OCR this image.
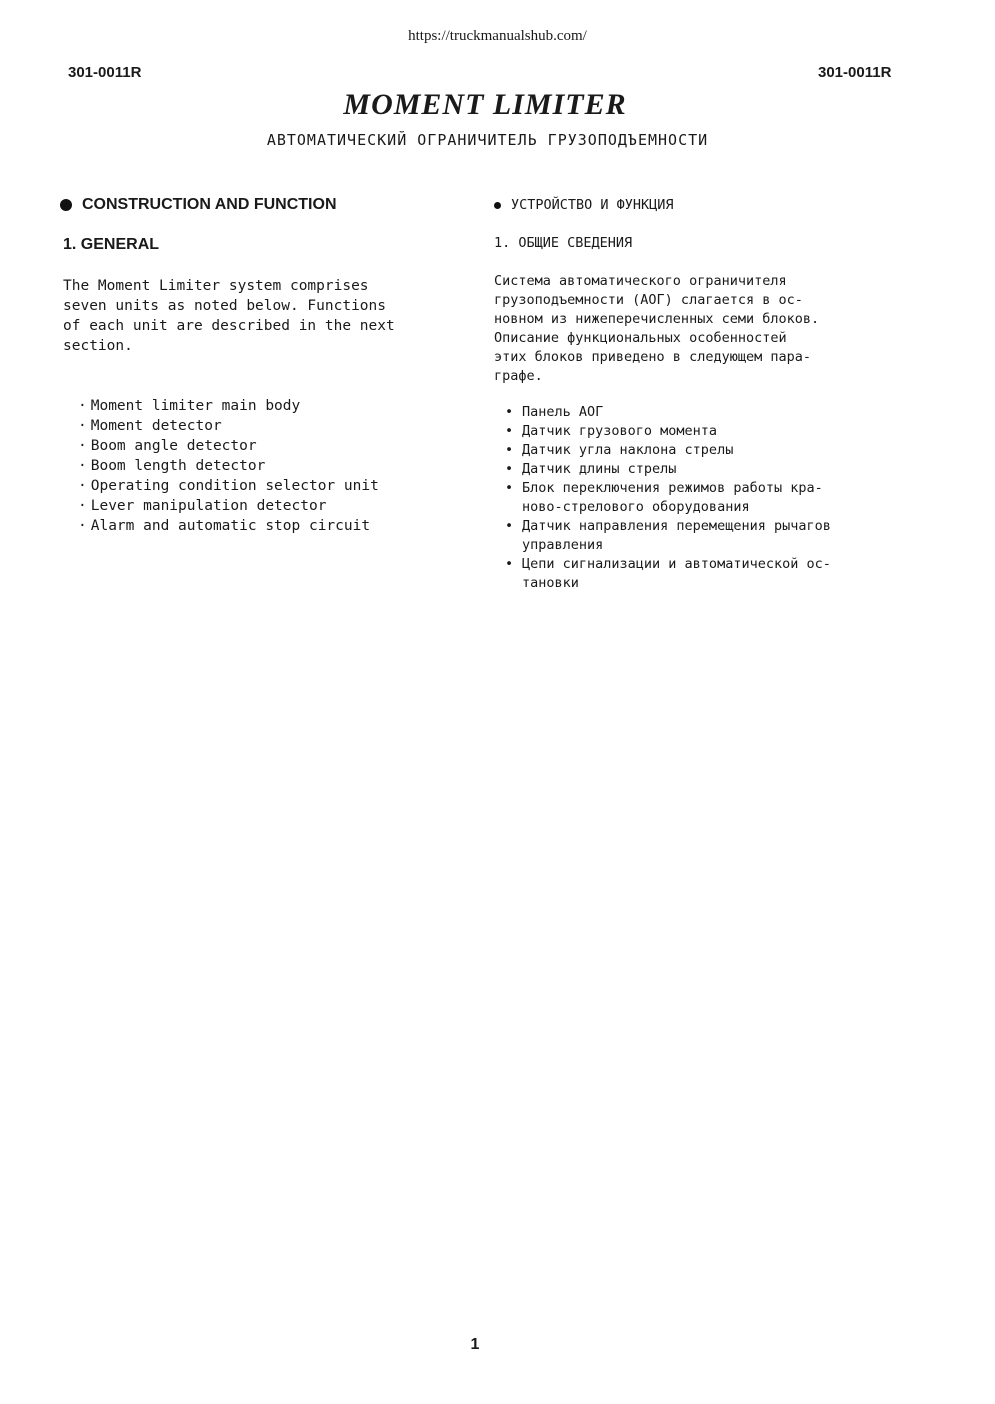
https://truckmanualshub.com/
301-0011R	301-0011R
MOMENT LIMITER
АВТОМАТИЧЕСКИЙ ОГРАНИЧИТЕЛЬ ГРУЗОПОДЪЕМНОСТИ
CONSTRUCTION AND FUNCTION
1. GENERAL
The Moment Limiter system comprises
seven units as noted below. Functions
of each unit are described in the next
section.
· Moment limiter main body
· Moment detector
· Boom angle detector
· Boom length detector
· Operating condition selector unit
· Lever manipulation detector
· Alarm and automatic stop circuit
УСТРОЙСТВО И ФУНКЦИЯ
1. ОБЩИЕ СВЕДЕНИЯ
Система автоматического ограничителя
грузоподъемности (АОГ) слагается в ос-
новном из нижеперечисленных семи блоков.
Описание функциональных особенностей
этих блоков приведено в следующем пара-
графе.
• Панель АОГ
• Датчик грузового момента
• Датчик угла наклона стрелы
• Датчик длины стрелы
• Блок переключения режимов работы кра-
ново-стрелового оборудования
• Датчик направления перемещения рычагов
управления
• Цепи сигнализации и автоматической ос-
тановки
1
